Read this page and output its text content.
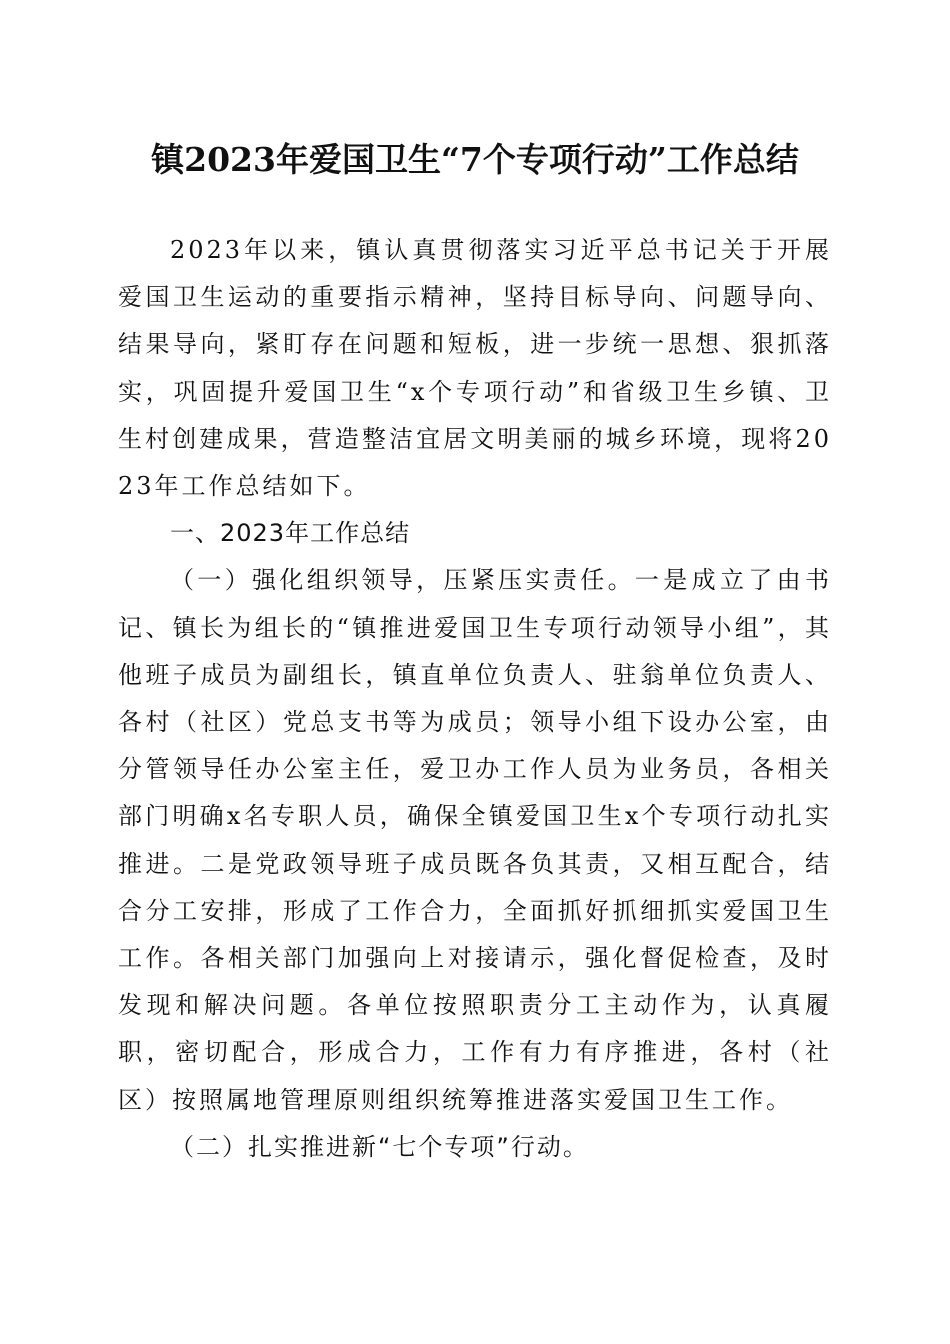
镇2023年爱国卫生“7个专项行动”工作总结

2023年以来，镇认真贯彻落实习近平总书记关于开展爱国卫生运动的重要指示精神，坚持目标导向、问题导向、结果导向，紧盯存在问题和短板，进一步统一思想、狠抓落实，巩固提升爱国卫生“x个专项行动”和省级卫生乡镇、卫生村创建成果，营造整洁宜居文明美丽的城乡环境，现将2023年工作总结如下。

一、2023年工作总结

（一）强化组织领导，压紧压实责任。一是成立了由书记、镇长为组长的“镇推进爱国卫生专项行动领导小组”，其他班子成员为副组长，镇直单位负责人、驻翁单位负责人、各村（社区）党总支书等为成员；领导小组下设办公室，由分管领导任办公室主任，爱卫办工作人员为业务员，各相关部门明确x名专职人员，确保全镇爱国卫生x个专项行动扎实推进。二是党政领导班子成员既各负其责，又相互配合，结合分工安排，形成了工作合力，全面抓好抓细抓实爱国卫生工作。各相关部门加强向上对接请示，强化督促检查，及时发现和解决问题。各单位按照职责分工主动作为，认真履职，密切配合，形成合力，工作有力有序推进，各村（社区）按照属地管理原则组织统筹推进落实爱国卫生工作。

（二）扎实推进新“七个专项”行动。
